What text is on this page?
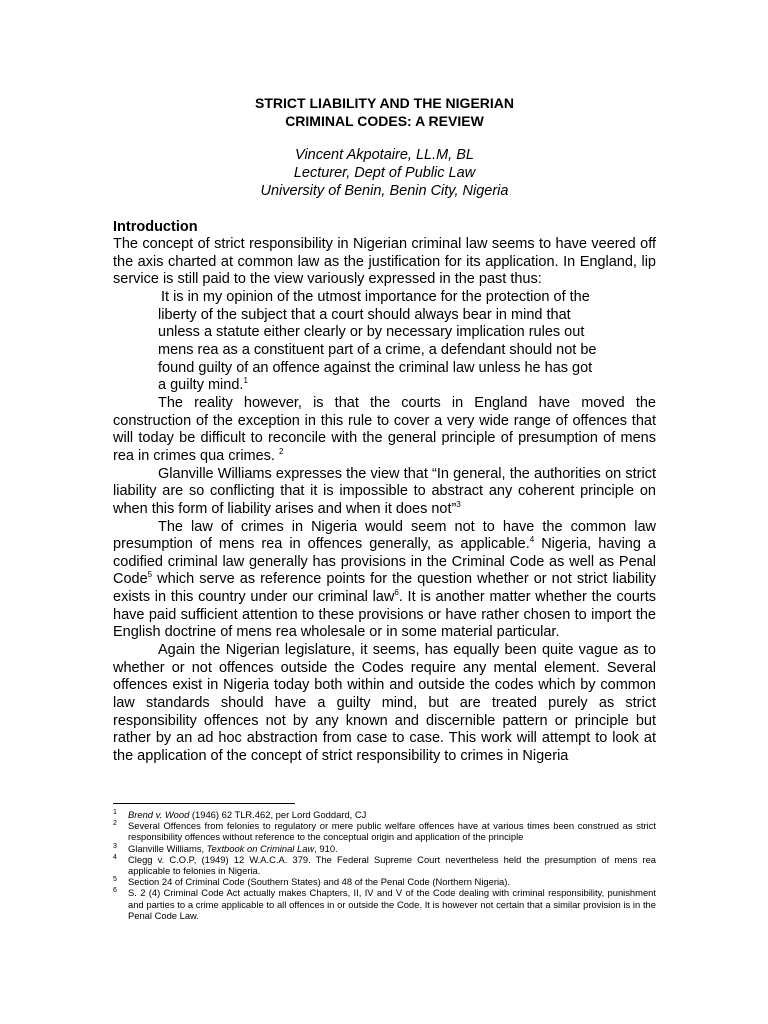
STRICT LIABILITY AND THE NIGERIAN
CRIMINAL CODES: A REVIEW
Vincent Akpotaire, LL.M, BL
Lecturer, Dept of Public Law
University of Benin, Benin City, Nigeria
Introduction

The concept of strict responsibility in Nigerian criminal law seems to have veered off the axis charted at common law as the justification for its application. In England, lip service is still paid to the view variously expressed in the past thus:

It is in my opinion of the utmost importance for the protection of the
liberty of the subject that a court should always bear in mind that
unless a statute either clearly or by necessary implication rules out
mens rea as a constituent part of a crime, a defendant should not be
found guilty of an offence against the criminal law unless he has got
a guilty mind.$^1$

The reality however, is that the courts in England have moved the construction of the exception in this rule to cover a very wide range of offences that will today be difficult to reconcile with the general principle of presumption of mens rea in crimes qua crimes. $^2$

Glanville Williams expresses the view that “In general, the authorities on strict liability are so conflicting that it is impossible to abstract any coherent principle on when this form of liability arises and when it does not”$^3$

The law of crimes in Nigeria would seem not to have the common law presumption of mens rea in offences generally, as applicable.$^4$ Nigeria, having a codified criminal law generally has provisions in the Criminal Code as well as Penal Code$^5$ which serve as reference points for the question whether or not strict liability exists in this country under our criminal law$^6$. It is another matter whether the courts have paid sufficient attention to these provisions or have rather chosen to import the English doctrine of mens rea wholesale or in some material particular.

Again the Nigerian legislature, it seems, has equally been quite vague as to whether or not offences outside the Codes require any mental element. Several offences exist in Nigeria today both within and outside the codes which by common law standards should have a guilty mind, but are treated purely as strict responsibility offences not by any known and discernible pattern or principle but rather by an ad hoc abstraction from case to case. This work will attempt to look at the application of the concept of strict responsibility to crimes in Nigeria

1 Brend v. Wood (1946) 62 TLR.462, per Lord Goddard, CJ
2 Several Offences from felonies to regulatory or mere public welfare offences have at various times been construed as strict responsibility offences without reference to the conceptual origin and application of the principle
3 Glanville Williams, Textbook on Criminal Law, 910.
4 Clegg v. C.O.P, (1949) 12 W.A.C.A. 379. The Federal Supreme Court nevertheless held the presumption of mens rea applicable to felonies in Nigeria.
5 Section 24 of Criminal Code (Southern States) and 48 of the Penal Code (Northern Nigeria).
6 S. 2 (4) Criminal Code Act actually makes Chapters, II, IV and V of the Code dealing with criminal responsibility, punishment and parties to a crime applicable to all offences in or outside the Code. It is however not certain that a similar provision is in the Penal Code Law.
